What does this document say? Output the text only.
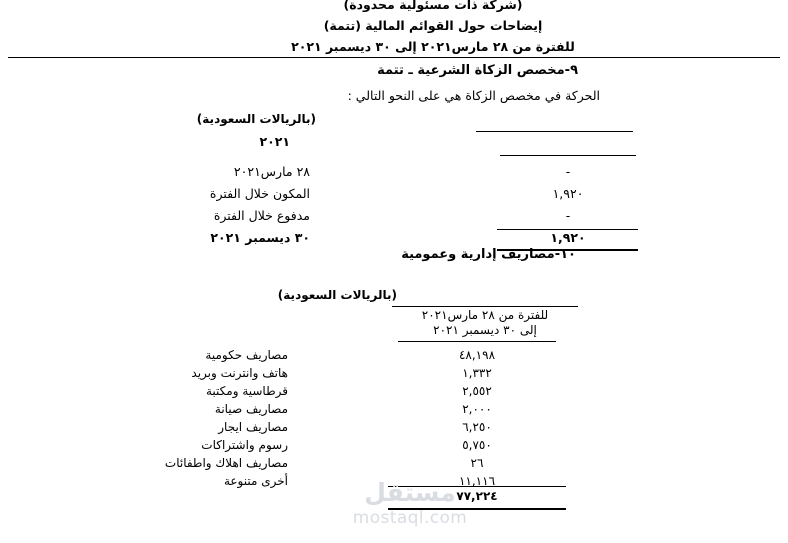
(شركة ذات مسئولية محدودة)
إيضاحات حول القوائم المالية (تتمة)
للفترة من ٢٨ مارس٢٠٢١ إلى ٣٠ ديسمبر ٢٠٢١
٩-مخصص الزكاة الشرعية ـ تتمة
الحركة في مخصص الزكاة هي على النحو التالي :
(بالريالات السعودية)
٢٠٢١
٢٨ مارس٢٠٢١	-
المكون خلال الفترة	١,٩٢٠
مدفوع خلال الفترة	-
٣٠ ديسمبر ٢٠٢١	١,٩٢٠
١٠-مصاريف إدارية وعمومية
(بالريالات السعودية)
للفترة من ٢٨ مارس٢٠٢١
إلى ٣٠ ديسمبر ٢٠٢١
مصاريف حكومية	٤٨,١٩٨
هاتف وانترنت وبريد	١,٣٣٢
قرطاسية ومكتبة	٢,٥٥٢
مصاريف صيانة	٢,٠٠٠
مصاريف ايجار	٦,٢٥٠
رسوم واشتراكات	٥,٧٥٠
مصاريف اهلاك واطفائات	٢٦
أخرى متنوعة	١١,١١٦
٧٧,٢٢٤
مستقل
mostaql.com
